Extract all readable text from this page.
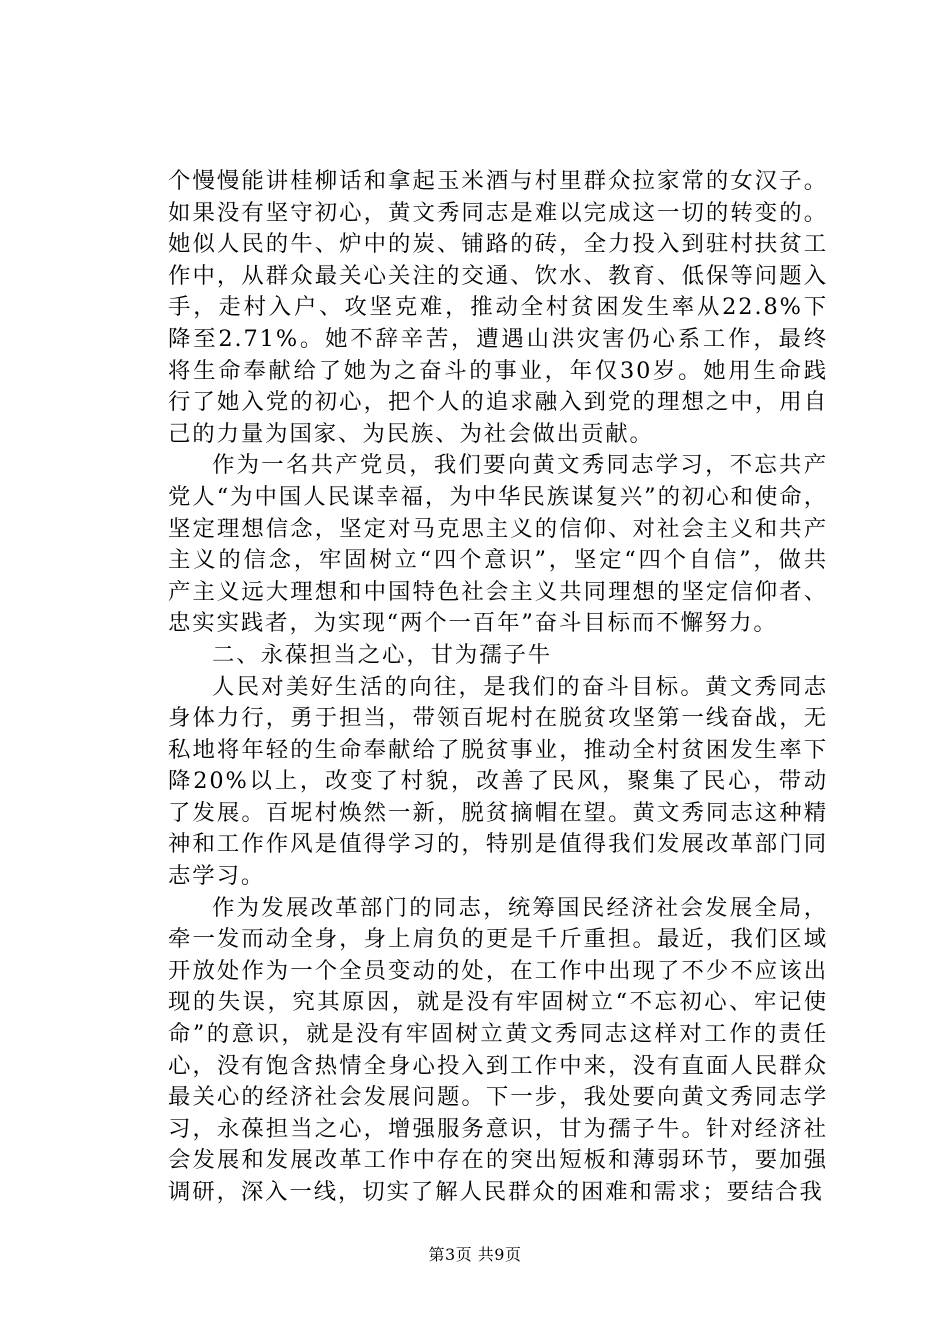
个慢慢能讲桂柳话和拿起玉米酒与村里群众拉家常的女汉子。如果没有坚守初心，黄文秀同志是难以完成这一切的转变的。她似人民的牛、炉中的炭、铺路的砖，全力投入到驻村扶贫工作中，从群众最关心关注的交通、饮水、教育、低保等问题入手，走村入户、攻坚克难，推动全村贫困发生率从22.8%下降至2.71%。她不辞辛苦，遭遇山洪灾害仍心系工作，最终将生命奉献给了她为之奋斗的事业，年仅30岁。她用生命践行了她入党的初心，把个人的追求融入到党的理想之中，用自己的力量为国家、为民族、为社会做出贡献。

作为一名共产党员，我们要向黄文秀同志学习，不忘共产党人“为中国人民谋幸福，为中华民族谋复兴”的初心和使命，坚定理想信念，坚定对马克思主义的信仰、对社会主义和共产主义的信念，牢固树立“四个意识”，坚定“四个自信”，做共产主义远大理想和中国特色社会主义共同理想的坚定信仰者、忠实实践者，为实现“两个一百年”奋斗目标而不懈努力。

二、永葆担当之心，甘为孺子牛

人民对美好生活的向往，是我们的奋斗目标。黄文秀同志身体力行，勇于担当，带领百坭村在脱贫攻坚第一线奋战，无私地将年轻的生命奉献给了脱贫事业，推动全村贫困发生率下降20%以上，改变了村貌，改善了民风，聚集了民心，带动了发展。百坭村焕然一新，脱贫摘帽在望。黄文秀同志这种精神和工作作风是值得学习的，特别是值得我们发展改革部门同志学习。

作为发展改革部门的同志，统筹国民经济社会发展全局，牵一发而动全身，身上肩负的更是千斤重担。最近，我们区域开放处作为一个全员变动的处，在工作中出现了不少不应该出现的失误，究其原因，就是没有牢固树立“不忘初心、牢记使命”的意识，就是没有牢固树立黄文秀同志这样对工作的责任心，没有饱含热情全身心投入到工作中来，没有直面人民群众最关心的经济社会发展问题。下一步，我处要向黄文秀同志学习，永葆担当之心，增强服务意识，甘为孺子牛。针对经济社会发展和发展改革工作中存在的突出短板和薄弱环节，要加强调研，深入一线，切实了解人民群众的困难和需求；要结合我

第3页 共9页
